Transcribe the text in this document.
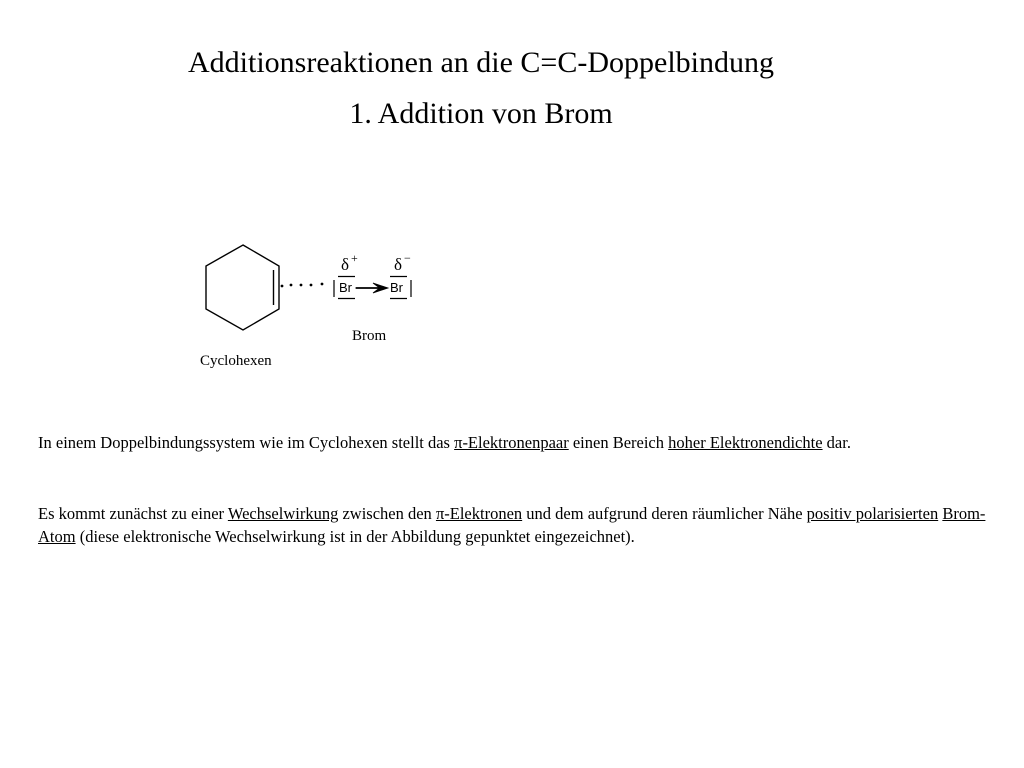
Additionsreaktionen an die C=C-Doppelbindung
1. Addition von Brom
Br	Br
δ + δ −
Brom
Cyclohexen
In einem Doppelbindungssystem wie im Cyclohexen stellt das π-Elektronenpaar einen Bereich hoher Elektronendichte dar.
Es kommt zunächst zu einer Wechselwirkung zwischen den π-Elektronen und dem aufgrund deren räumlicher Nähe positiv polarisierten Brom-Atom (diese elektronische Wechselwirkung ist in der Abbildung gepunktet eingezeichnet).
